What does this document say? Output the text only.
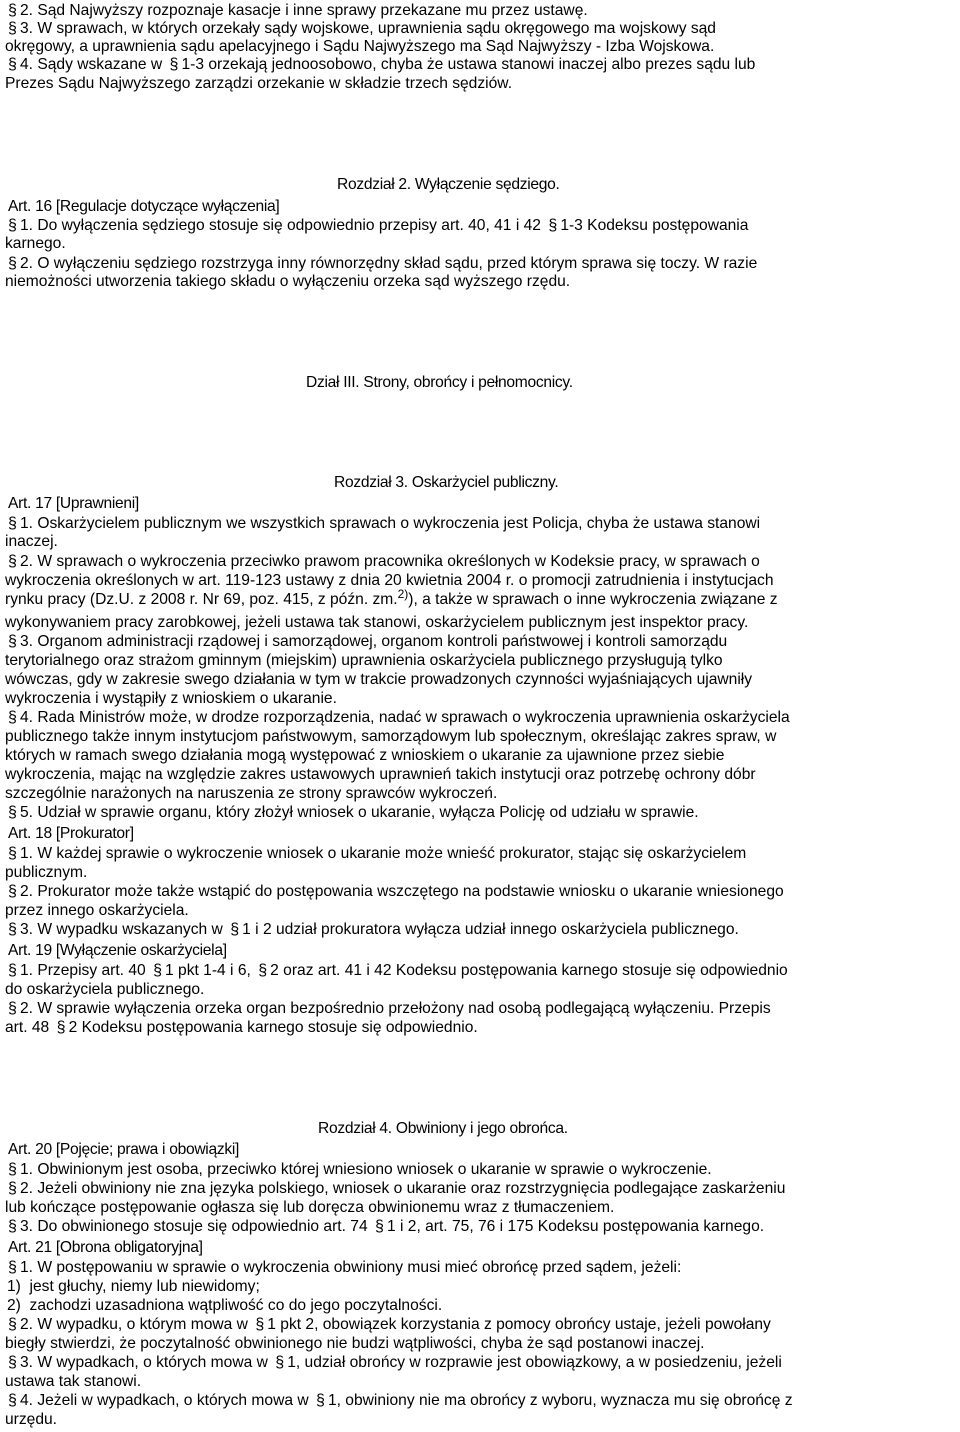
§ 2. Sąd Najwyższy rozpoznaje kasacje i inne sprawy przekazane mu przez ustawę.
§ 3. W sprawach, w których orzekały sądy wojskowe, uprawnienia sądu okręgowego ma wojskowy sąd
okręgowy, a uprawnienia sądu apelacyjnego i Sądu Najwyższego ma Sąd Najwyższy - Izba Wojskowa.
§ 4. Sądy wskazane w § 1-3 orzekają jednoosobowo, chyba że ustawa stanowi inaczej albo prezes sądu lub
Prezes Sądu Najwyższego zarządzi orzekanie w składzie trzech sędziów.
Rozdział 2. Wyłączenie sędziego.
Art. 16 [Regulacje dotyczące wyłączenia]
§ 1. Do wyłączenia sędziego stosuje się odpowiednio przepisy art. 40, 41 i 42 § 1-3 Kodeksu postępowania
karnego.
§ 2. O wyłączeniu sędziego rozstrzyga inny równorzędny skład sądu, przed którym sprawa się toczy. W razie
niemożności utworzenia takiego składu o wyłączeniu orzeka sąd wyższego rzędu.
Dział III. Strony, obrońcy i pełnomocnicy.
Rozdział 3. Oskarżyciel publiczny.
Art. 17 [Uprawnieni]
§ 1. Oskarżycielem publicznym we wszystkich sprawach o wykroczenia jest Policja, chyba że ustawa stanowi
inaczej.
§ 2. W sprawach o wykroczenia przeciwko prawom pracownika określonych w Kodeksie pracy, w sprawach o
wykroczenia określonych w art. 119-123 ustawy z dnia 20 kwietnia 2004 r. o promocji zatrudnienia i instytucjach
rynku pracy (Dz.U. z 2008 r. Nr 69, poz. 415, z późn. zm.$^{2)}$), a także w sprawach o inne wykroczenia związane z
wykonywaniem pracy zarobkowej, jeżeli ustawa tak stanowi, oskarżycielem publicznym jest inspektor pracy.
§ 3. Organom administracji rządowej i samorządowej, organom kontroli państwowej i kontroli samorządu
terytorialnego oraz strażom gminnym (miejskim) uprawnienia oskarżyciela publicznego przysługują tylko
wówczas, gdy w zakresie swego działania w tym w trakcie prowadzonych czynności wyjaśniających ujawniły
wykroczenia i wystąpiły z wnioskiem o ukaranie.
§ 4. Rada Ministrów może, w drodze rozporządzenia, nadać w sprawach o wykroczenia uprawnienia oskarżyciela
publicznego także innym instytucjom państwowym, samorządowym lub społecznym, określając zakres spraw, w
których w ramach swego działania mogą występować z wnioskiem o ukaranie za ujawnione przez siebie
wykroczenia, mając na względzie zakres ustawowych uprawnień takich instytucji oraz potrzebę ochrony dóbr
szczególnie narażonych na naruszenia ze strony sprawców wykroczeń.
§ 5. Udział w sprawie organu, który złożył wniosek o ukaranie, wyłącza Policję od udziału w sprawie.
Art. 18 [Prokurator]
§ 1. W każdej sprawie o wykroczenie wniosek o ukaranie może wnieść prokurator, stając się oskarżycielem
publicznym.
§ 2. Prokurator może także wstąpić do postępowania wszczętego na podstawie wniosku o ukaranie wniesionego
przez innego oskarżyciela.
§ 3. W wypadku wskazanych w § 1 i 2 udział prokuratora wyłącza udział innego oskarżyciela publicznego.
Art. 19 [Wyłączenie oskarżyciela]
§ 1. Przepisy art. 40 § 1 pkt 1-4 i 6, § 2 oraz art. 41 i 42 Kodeksu postępowania karnego stosuje się odpowiednio
do oskarżyciela publicznego.
§ 2. W sprawie wyłączenia orzeka organ bezpośrednio przełożony nad osobą podlegającą wyłączeniu. Przepis
art. 48 § 2 Kodeksu postępowania karnego stosuje się odpowiednio.
Rozdział 4. Obwiniony i jego obrońca.
Art. 20 [Pojęcie; prawa i obowiązki]
§ 1. Obwinionym jest osoba, przeciwko której wniesiono wniosek o ukaranie w sprawie o wykroczenie.
§ 2. Jeżeli obwiniony nie zna języka polskiego, wniosek o ukaranie oraz rozstrzygnięcia podlegające zaskarżeniu
lub kończące postępowanie ogłasza się lub doręcza obwinionemu wraz z tłumaczeniem.
§ 3. Do obwinionego stosuje się odpowiednio art. 74 § 1 i 2, art. 75, 76 i 175 Kodeksu postępowania karnego.
Art. 21 [Obrona obligatoryjna]
§ 1. W postępowaniu w sprawie o wykroczenia obwiniony musi mieć obrońcę przed sądem, jeżeli:
1) jest głuchy, niemy lub niewidomy;
2) zachodzi uzasadniona wątpliwość co do jego poczytalności.
§ 2. W wypadku, o którym mowa w § 1 pkt 2, obowiązek korzystania z pomocy obrońcy ustaje, jeżeli powołany
biegły stwierdzi, że poczytalność obwinionego nie budzi wątpliwości, chyba że sąd postanowi inaczej.
§ 3. W wypadkach, o których mowa w § 1, udział obrońcy w rozprawie jest obowiązkowy, a w posiedzeniu, jeżeli
ustawa tak stanowi.
§ 4. Jeżeli w wypadkach, o których mowa w § 1, obwiniony nie ma obrońcy z wyboru, wyznacza mu się obrońcę z
urzędu.
